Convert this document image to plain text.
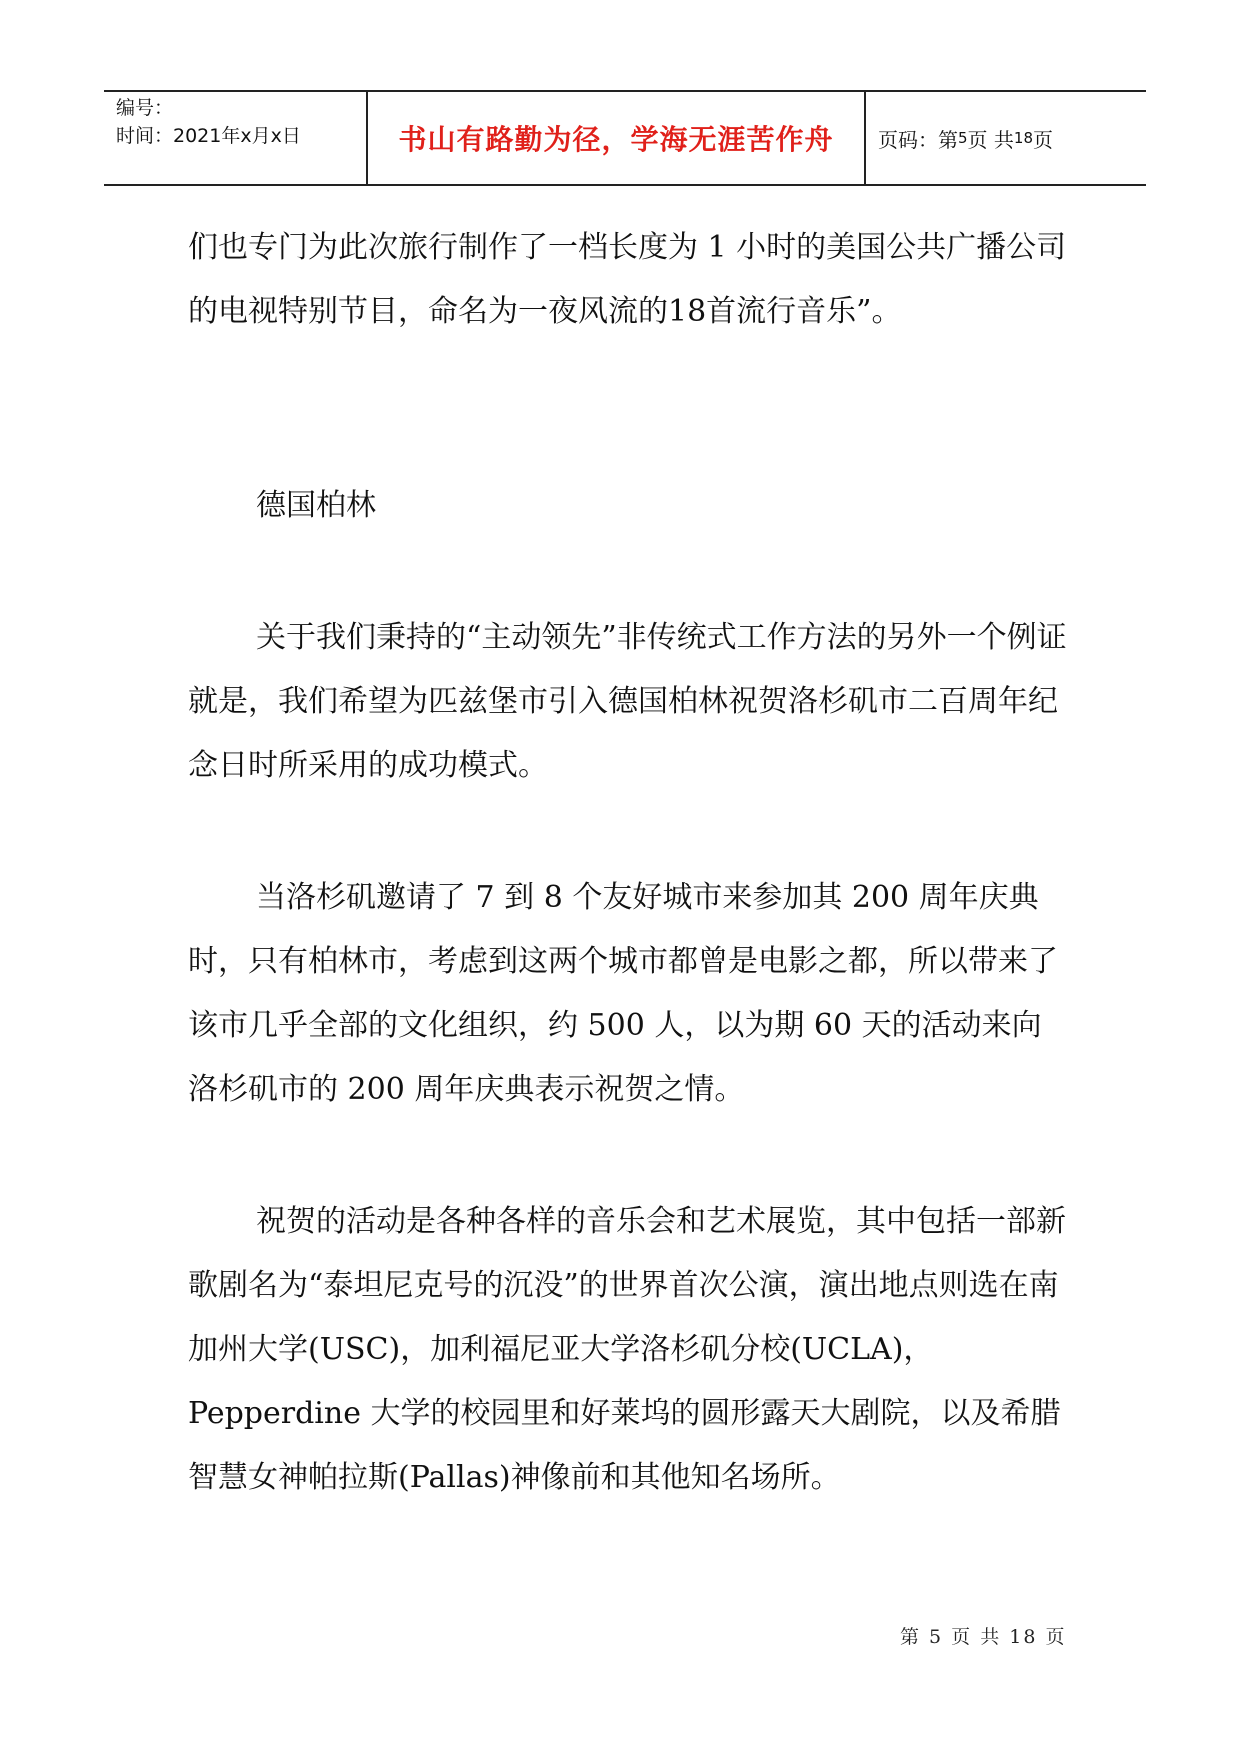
编号：
时间：2021年x月x日	书山有路勤为径，学海无涯苦作舟	页码：第 5 页 共 18 页

们也专门为此次旅行制作了一档长度为 1 小时的美国公共广播公司的电视特别节目，命名为一夜风流的18首流行音乐”。

德国柏林

关于我们秉持的“主动领先”非传统式工作方法的另外一个例证就是，我们希望为匹兹堡市引入德国柏林祝贺洛杉矶市二百周年纪念日时所采用的成功模式。

当洛杉矶邀请了 7 到 8 个友好城市来参加其 200 周年庆典时，只有柏林市，考虑到这两个城市都曾是电影之都，所以带来了该市几乎全部的文化组织，约 500 人，以为期 60 天的活动来向洛杉矶市的 200 周年庆典表示祝贺之情。

祝贺的活动是各种各样的音乐会和艺术展览，其中包括一部新歌剧名为“泰坦尼克号的沉没”的世界首次公演，演出地点则选在南加州大学(USC)，加利福尼亚大学洛杉矶分校(UCLA)，Pepperdine 大学的校园里和好莱坞的圆形露天大剧院，以及希腊智慧女神帕拉斯(Pallas)神像前和其他知名场所。

第 5 页 共 18 页
